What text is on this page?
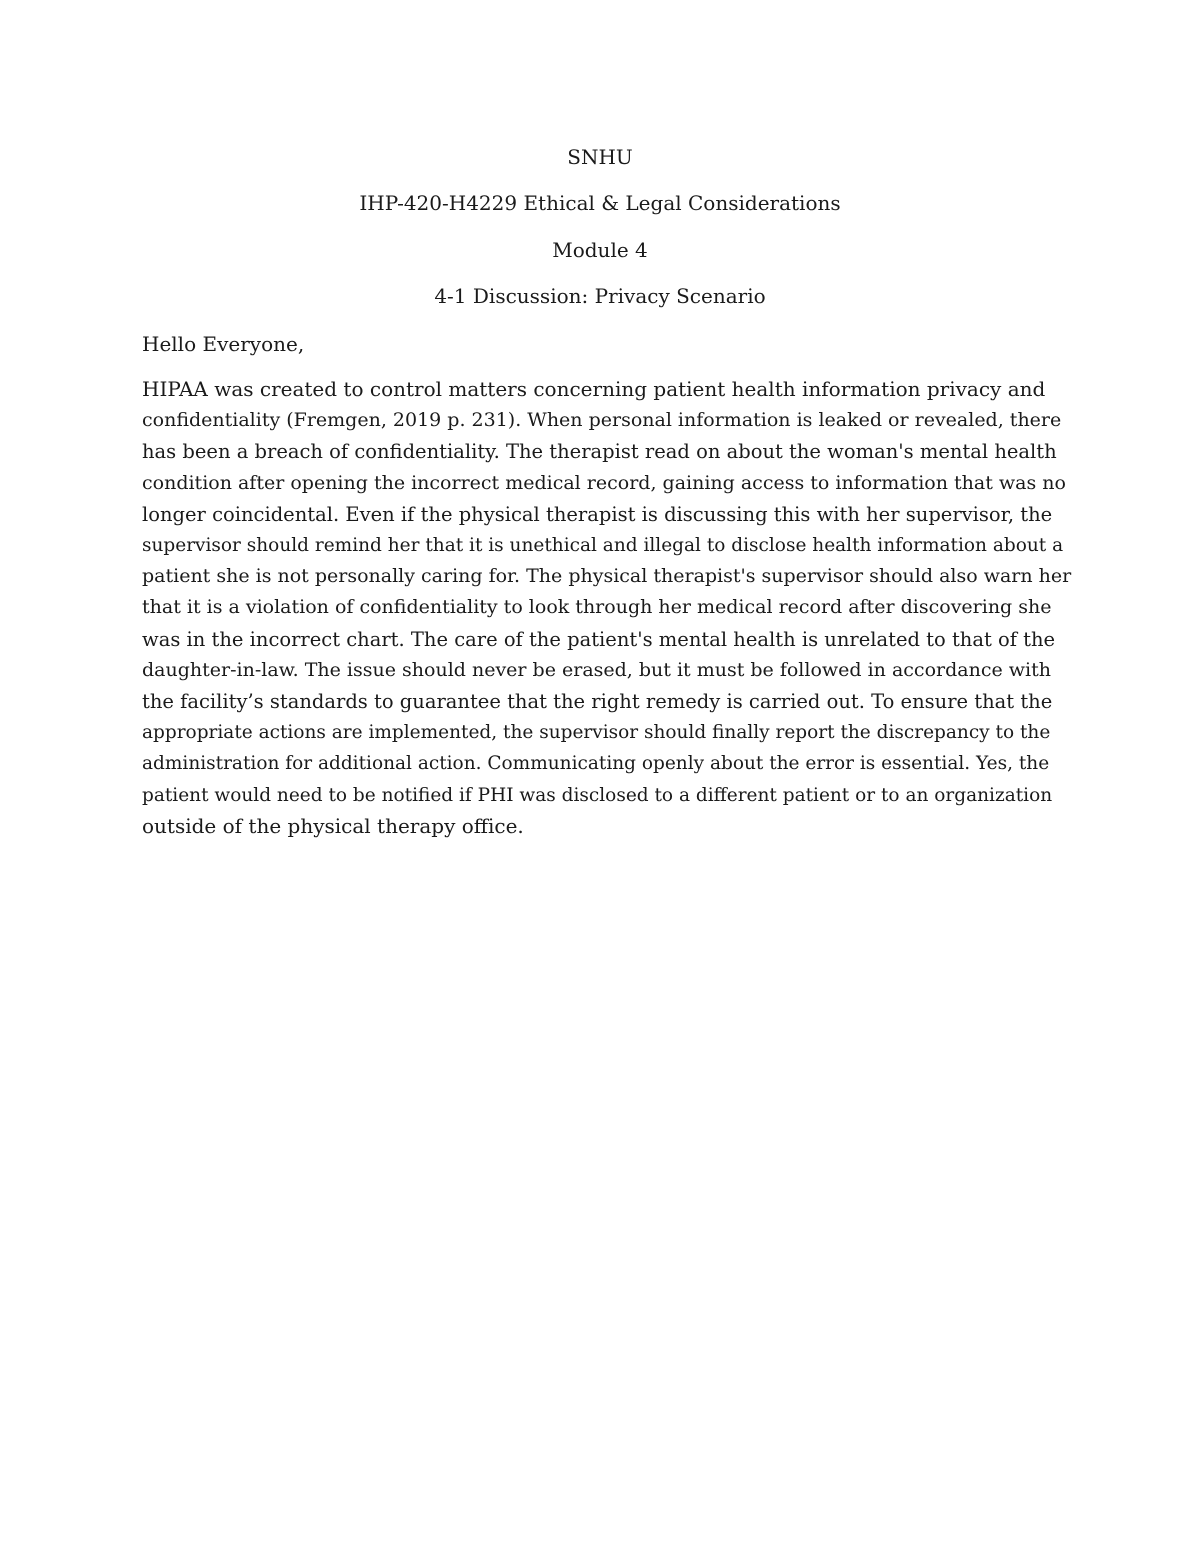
SNHU
IHP-420-H4229 Ethical & Legal Considerations
Module 4
4-1 Discussion: Privacy Scenario
Hello Everyone,

HIPAA was created to control matters concerning patient health information privacy and
confidentiality (Fremgen, 2019 p. 231). When personal information is leaked or revealed, there
has been a breach of confidentiality. The therapist read on about the woman's mental health
condition after opening the incorrect medical record, gaining access to information that was no
longer coincidental. Even if the physical therapist is discussing this with her supervisor, the
supervisor should remind her that it is unethical and illegal to disclose health information about a
patient she is not personally caring for. The physical therapist's supervisor should also warn her
that it is a violation of confidentiality to look through her medical record after discovering she
was in the incorrect chart. The care of the patient's mental health is unrelated to that of the
daughter-in-law. The issue should never be erased, but it must be followed in accordance with
the facility’s standards to guarantee that the right remedy is carried out. To ensure that the
appropriate actions are implemented, the supervisor should finally report the discrepancy to the
administration for additional action. Communicating openly about the error is essential. Yes, the
patient would need to be notified if PHI was disclosed to a different patient or to an organization
outside of the physical therapy office.
